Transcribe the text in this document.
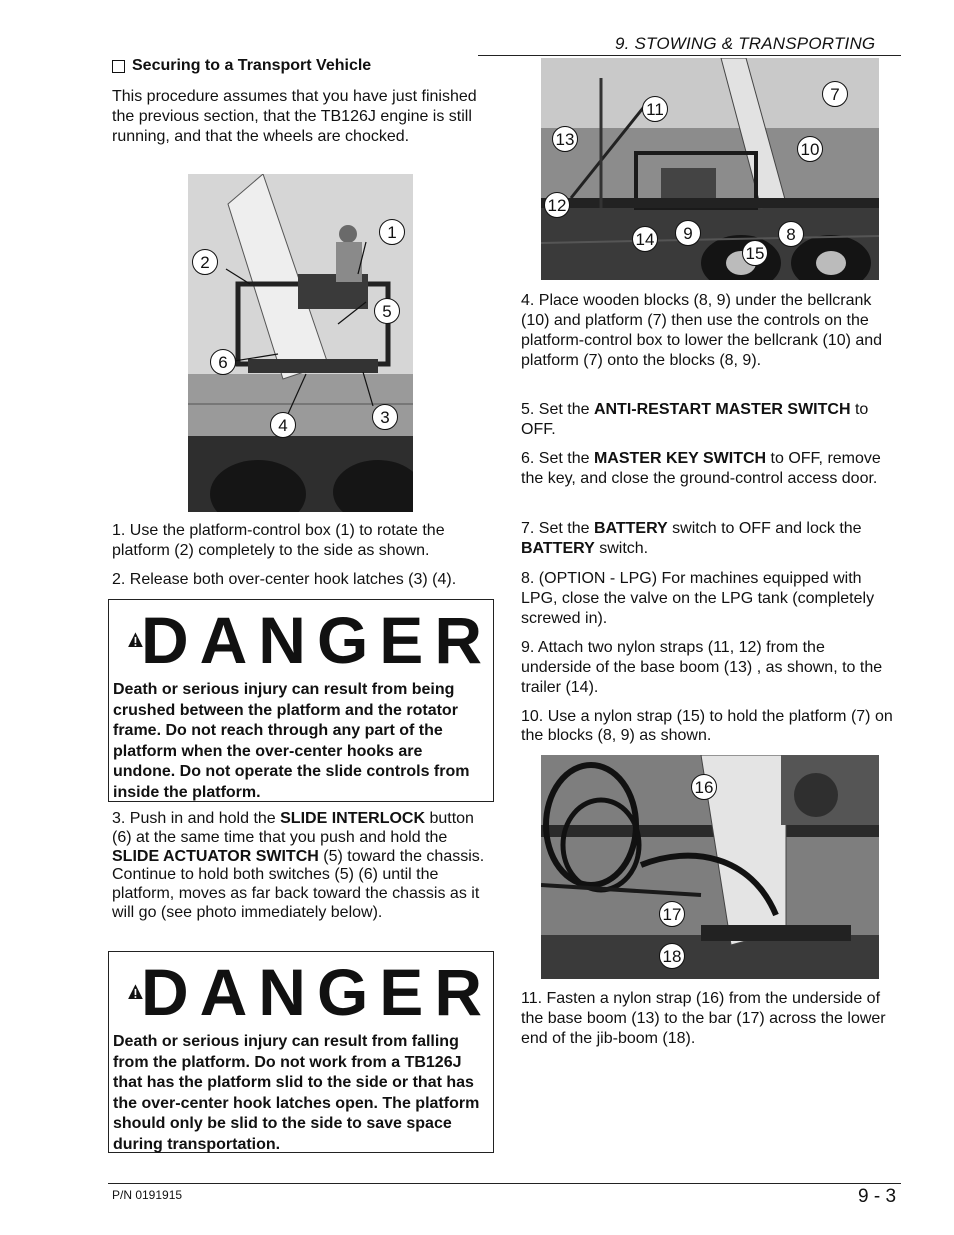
9. STOWING & TRANSPORTING
Securing to a Transport Vehicle

This procedure assumes that you have just finished the previous section, that the TB126J engine is still running, and that the wheels are chocked.

1
2
5
6
3
4

1. Use the platform-control box (1) to rotate the platform (2) completely to the side as shown.

2. Release both over-center hook latches (3) (4).

DANGER
Death or serious injury can result from being crushed between the platform and the rotator frame. Do not reach through any part of the platform when the over-center hooks are undone. Do not operate the slide controls from inside the platform.

3. Push in and hold the SLIDE INTERLOCK button (6) at the same time that you push and hold the SLIDE ACTUATOR SWITCH (5) toward the chassis. Continue to hold both switches (5) (6) until the platform, moves as far back toward the chassis as it will go (see photo immediately below).

DANGER
Death or serious injury can result from falling from the platform. Do not work from a TB126J that has the platform slid to the side or that has the over-center hook latches open. The platform should only be slid to the side to save space during transportation.
11
7
13
10
12
14	9	8
15

4. Place wooden blocks (8, 9) under the bellcrank (10) and platform (7) then use the controls on the platform-control box to lower the bellcrank (10) and platform (7) onto the blocks (8, 9).

5. Set the ANTI-RESTART MASTER SWITCH to OFF.

6. Set the MASTER KEY SWITCH to OFF, remove the key, and close the ground-control access door.

7. Set the BATTERY switch to OFF and lock the BATTERY switch.

8. (OPTION - LPG) For machines equipped with LPG, close the valve on the LPG tank (completely screwed in).

9. Attach two nylon straps (11, 12) from the underside of the base boom (13) , as shown, to the trailer (14).

10. Use a nylon strap (15) to hold the platform (7) on the blocks (8, 9) as shown.

16
17
18

11. Fasten a nylon strap (16) from the underside of the base boom (13) to the bar (17) across the lower end of the jib-boom (18).

P/N 0191915	9 - 3
